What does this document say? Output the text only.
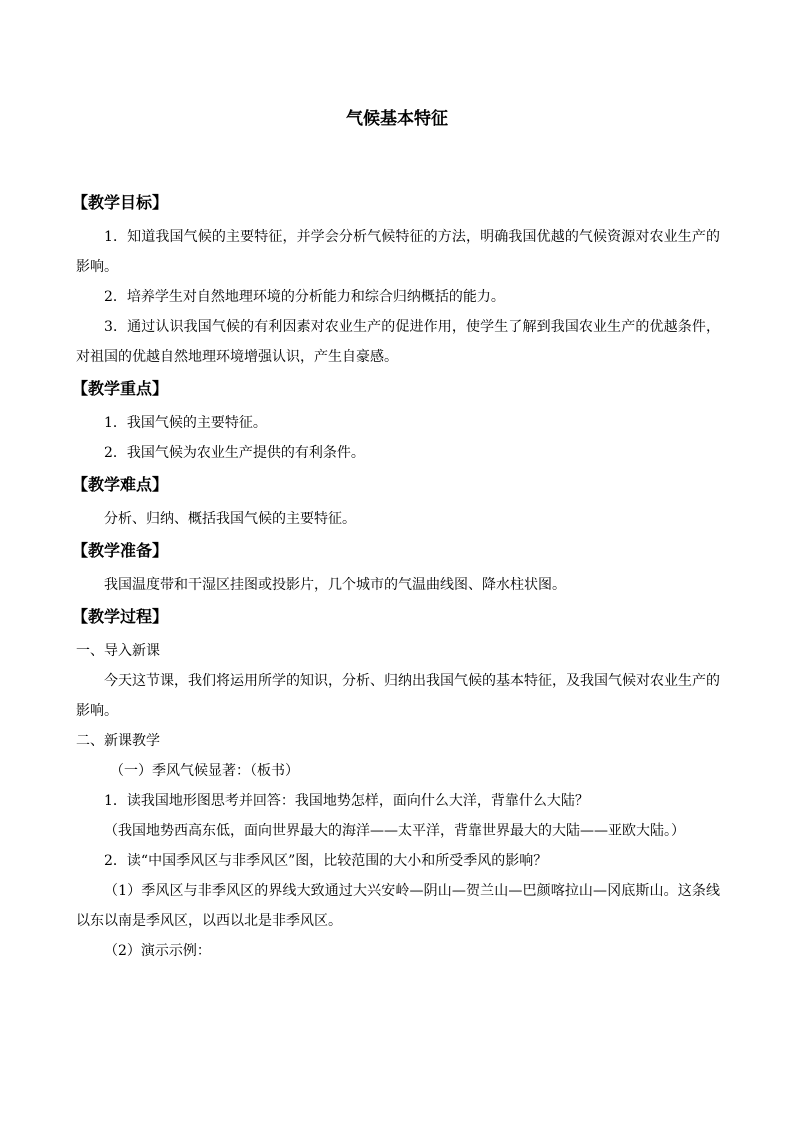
气候基本特征
【教学目标】

1．知道我国气候的主要特征，并学会分析气候特征的方法，明确我国优越的气候资源对农业生产的影响。

2．培养学生对自然地理环境的分析能力和综合归纳概括的能力。

3．通过认识我国气候的有利因素对农业生产的促进作用，使学生了解到我国农业生产的优越条件，对祖国的优越自然地理环境增强认识，产生自豪感。

【教学重点】

1．我国气候的主要特征。

2．我国气候为农业生产提供的有利条件。

【教学难点】

分析、归纳、概括我国气候的主要特征。

【教学准备】

我国温度带和干湿区挂图或投影片，几个城市的气温曲线图、降水柱状图。

【教学过程】

一、导入新课

今天这节课，我们将运用所学的知识，分析、归纳出我国气候的基本特征，及我国气候对农业生产的影响。

二、新课教学

（一）季风气候显著：（板书）

1．读我国地形图思考并回答：我国地势怎样，面向什么大洋，背靠什么大陆？

（我国地势西高东低，面向世界最大的海洋——太平洋，背靠世界最大的大陆——亚欧大陆。）

2．读“中国季风区与非季风区”图，比较范围的大小和所受季风的影响？

（1）季风区与非季风区的界线大致通过大兴安岭—阴山—贺兰山—巴颜喀拉山—冈底斯山。这条线以东以南是季风区，以西以北是非季风区。

（2）演示示例：
